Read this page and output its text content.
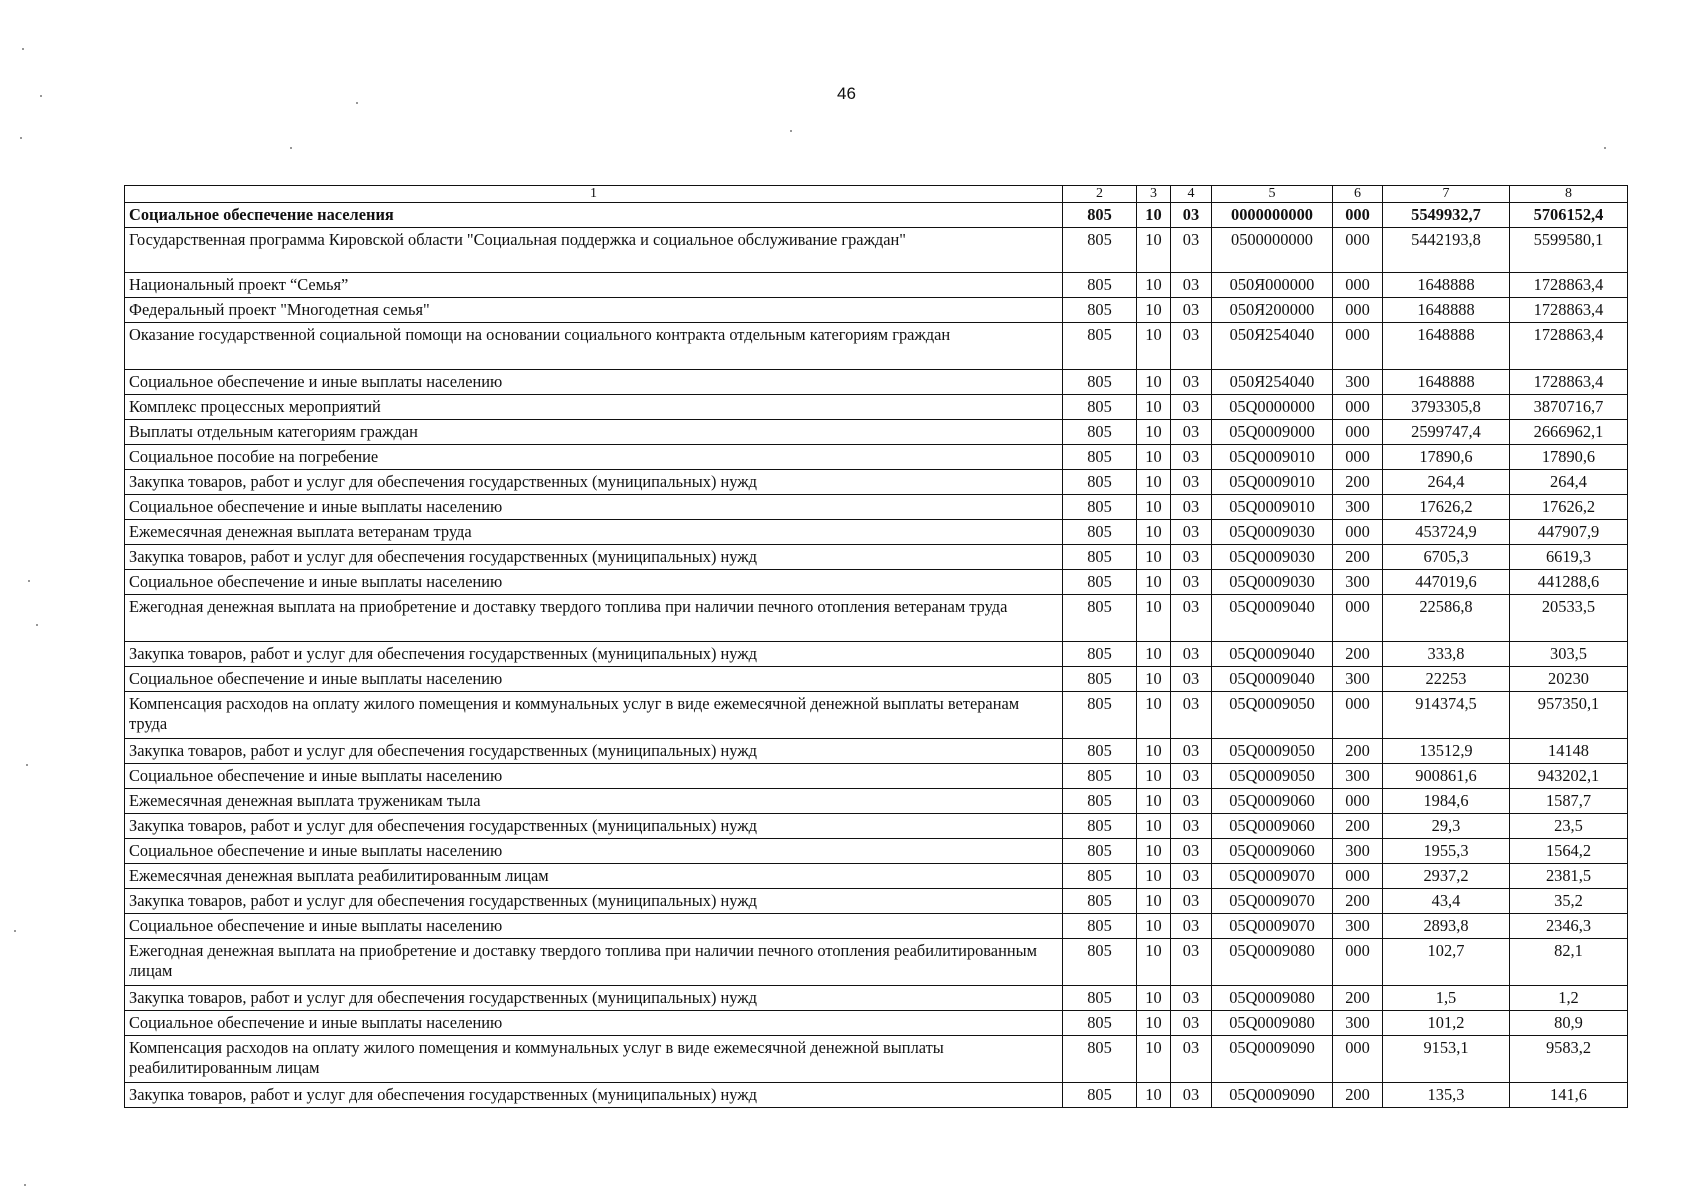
46
1	2	3	4	5	6	7	8
Социальное обеспечение населения	805	10	03	0000000000	000	5549932,7	5706152,4
Государственная программа Кировской области "Социальная поддержка и социальное обслуживание граждан"	805	10	03	0500000000	000	5442193,8	5599580,1
Национальный проект “Семья”	805	10	03	050Я000000	000	1648888	1728863,4
Федеральный проект "Многодетная семья"	805	10	03	050Я200000	000	1648888	1728863,4
Оказание государственной социальной помощи на основании социального контракта отдельным категориям граждан	805	10	03	050Я254040	000	1648888	1728863,4
Социальное обеспечение и иные выплаты населению	805	10	03	050Я254040	300	1648888	1728863,4
Комплекс процессных мероприятий	805	10	03	05Q0000000	000	3793305,8	3870716,7
Выплаты отдельным категориям граждан	805	10	03	05Q0009000	000	2599747,4	2666962,1
Социальное пособие на погребение	805	10	03	05Q0009010	000	17890,6	17890,6
Закупка товаров, работ и услуг для обеспечения государственных (муниципальных) нужд	805	10	03	05Q0009010	200	264,4	264,4
Социальное обеспечение и иные выплаты населению	805	10	03	05Q0009010	300	17626,2	17626,2
Ежемесячная денежная выплата ветеранам труда	805	10	03	05Q0009030	000	453724,9	447907,9
Закупка товаров, работ и услуг для обеспечения государственных (муниципальных) нужд	805	10	03	05Q0009030	200	6705,3	6619,3
Социальное обеспечение и иные выплаты населению	805	10	03	05Q0009030	300	447019,6	441288,6
Ежегодная денежная выплата на приобретение и доставку твердого топлива при наличии печного отопления ветеранам труда	805	10	03	05Q0009040	000	22586,8	20533,5
Закупка товаров, работ и услуг для обеспечения государственных (муниципальных) нужд	805	10	03	05Q0009040	200	333,8	303,5
Социальное обеспечение и иные выплаты населению	805	10	03	05Q0009040	300	22253	20230
Компенсация расходов на оплату жилого помещения и коммунальных услуг в виде ежемесячной денежной выплаты ветеранам труда	805	10	03	05Q0009050	000	914374,5	957350,1
Закупка товаров, работ и услуг для обеспечения государственных (муниципальных) нужд	805	10	03	05Q0009050	200	13512,9	14148
Социальное обеспечение и иные выплаты населению	805	10	03	05Q0009050	300	900861,6	943202,1
Ежемесячная денежная выплата труженикам тыла	805	10	03	05Q0009060	000	1984,6	1587,7
Закупка товаров, работ и услуг для обеспечения государственных (муниципальных) нужд	805	10	03	05Q0009060	200	29,3	23,5
Социальное обеспечение и иные выплаты населению	805	10	03	05Q0009060	300	1955,3	1564,2
Ежемесячная денежная выплата реабилитированным лицам	805	10	03	05Q0009070	000	2937,2	2381,5
Закупка товаров, работ и услуг для обеспечения государственных (муниципальных) нужд	805	10	03	05Q0009070	200	43,4	35,2
Социальное обеспечение и иные выплаты населению	805	10	03	05Q0009070	300	2893,8	2346,3
Ежегодная денежная выплата на приобретение и доставку твердого топлива при наличии печного отопления реабилитированным лицам	805	10	03	05Q0009080	000	102,7	82,1
Закупка товаров, работ и услуг для обеспечения государственных (муниципальных) нужд	805	10	03	05Q0009080	200	1,5	1,2
Социальное обеспечение и иные выплаты населению	805	10	03	05Q0009080	300	101,2	80,9
Компенсация расходов на оплату жилого помещения и коммунальных услуг в виде ежемесячной денежной выплаты реабилитированным лицам	805	10	03	05Q0009090	000	9153,1	9583,2
Закупка товаров, работ и услуг для обеспечения государственных (муниципальных) нужд	805	10	03	05Q0009090	200	135,3	141,6
